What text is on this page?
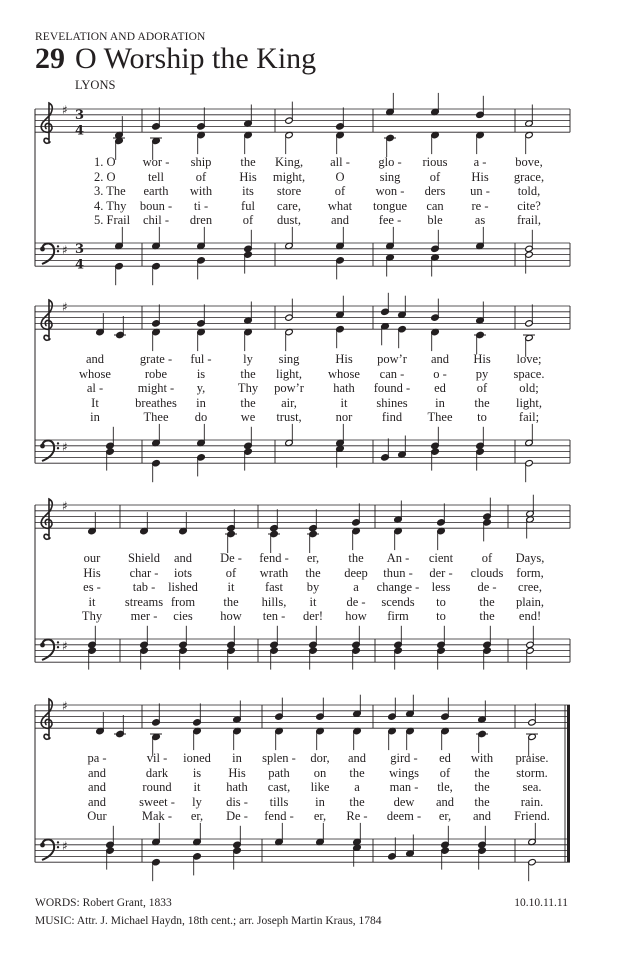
REVELATION AND ADORATION
29 O Worship the King
LYONS
♯
♯
3
4
3
4
♯
♯
♯
♯
♯
♯
1. O wor - ship the King, all - glo - rious a - bove,
2. O	tell	of	His might, O	sing of His grace,
3. The earth with its store	of won - ders un - told,
4. Thy boun - ti -	ful care, what tongue can re - cite?
5. Frail chil - dren of dust, and fee - ble	as	frail,
and	grate - ful -	ly sing	His pow’r and His love;
whose	robe is	the light, whose can - o - py space.
al -	might - y,	Thy pow’r hath found - ed of	old;
It	breathes in	the air,	it shines in the light,
in	Thee do	we trust,	nor find Thee to	fail;
our Shield and De - fend - er, the An - cient of Days,
His char - iots	of wrath the deep thun - der - clouds form,
es -	tab - lished it fast by	a change - less de - cree,
it streams from the hills, it de - scends to	the plain,
Thy mer - cies how ten - der! how firm to	the end!
pa -	vil - ioned in splen - dor, and gird - ed with praise.
and	dark is His path on the wings of the storm.
and	round it hath cast, like a man - tle, the	sea.
and	sweet - ly dis - tills in the dew and the rain.
Our	Mak - er, De - fend - er, Re - deem - er, and Friend.
WORDS: Robert Grant, 1833	10.10.11.11
MUSIC: Attr. J. Michael Haydn, 18th cent.; arr. Joseph Martin Kraus, 1784
